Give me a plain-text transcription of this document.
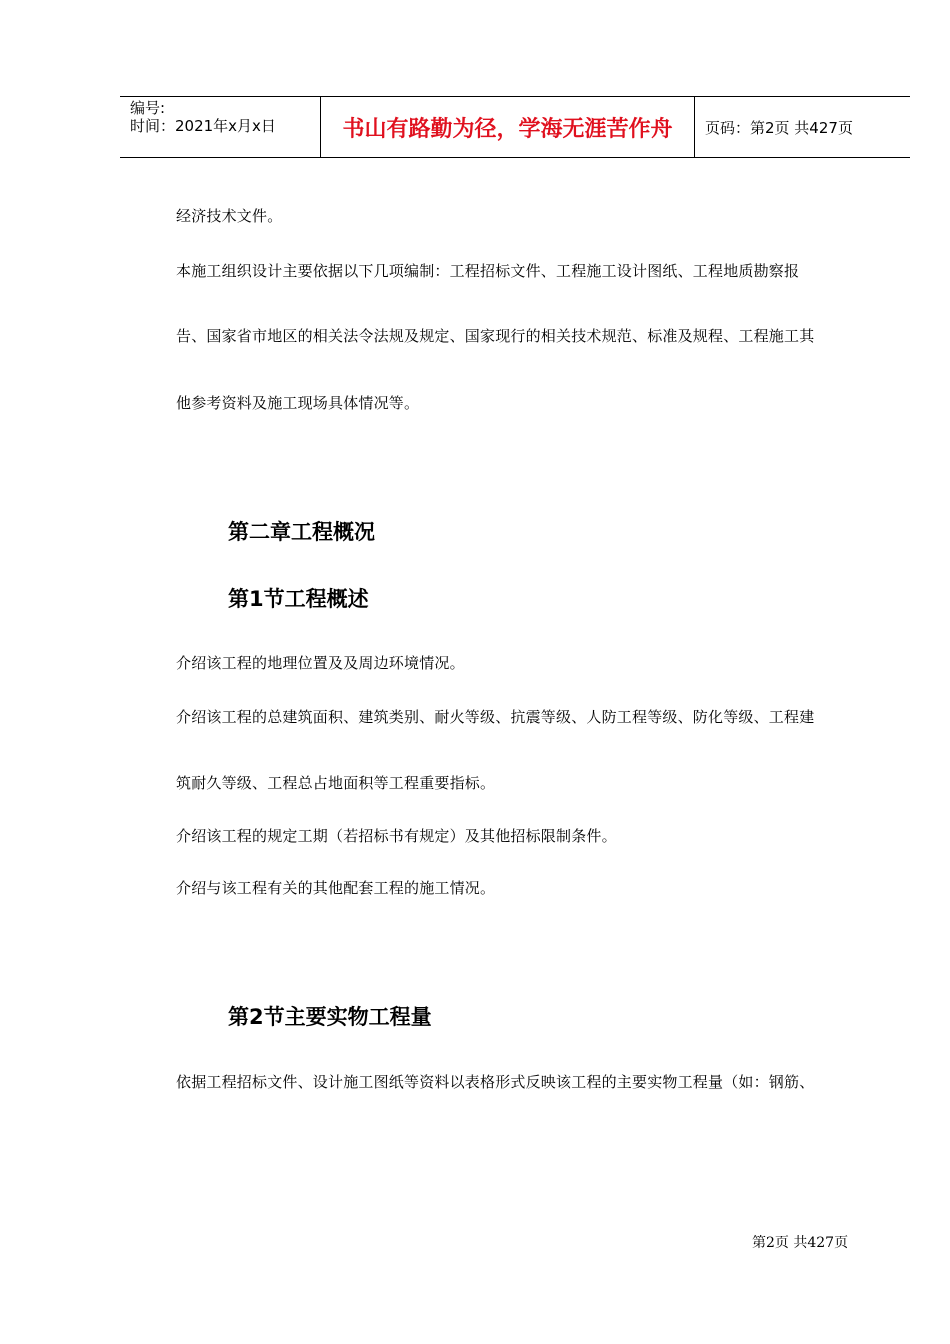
编号:
时间：2021年x月x日	书山有路勤为径，学海无涯苦作舟	页码：第2页 共427页
经济技术文件。
本施工组织设计主要依据以下几项编制：工程招标文件、工程施工设计图纸、工程地质勘察报
告、国家省市地区的相关法令法规及规定、国家现行的相关技术规范、标准及规程、工程施工其
他参考资料及施工现场具体情况等。
第二章工程概况
第1节工程概述
介绍该工程的地理位置及及周边环境情况。
介绍该工程的总建筑面积、建筑类别、耐火等级、抗震等级、人防工程等级、防化等级、工程建
筑耐久等级、工程总占地面积等工程重要指标。
介绍该工程的规定工期（若招标书有规定）及其他招标限制条件。
介绍与该工程有关的其他配套工程的施工情况。
第2节主要实物工程量
依据工程招标文件、设计施工图纸等资料以表格形式反映该工程的主要实物工程量（如：钢筋、
第2页 共427页
